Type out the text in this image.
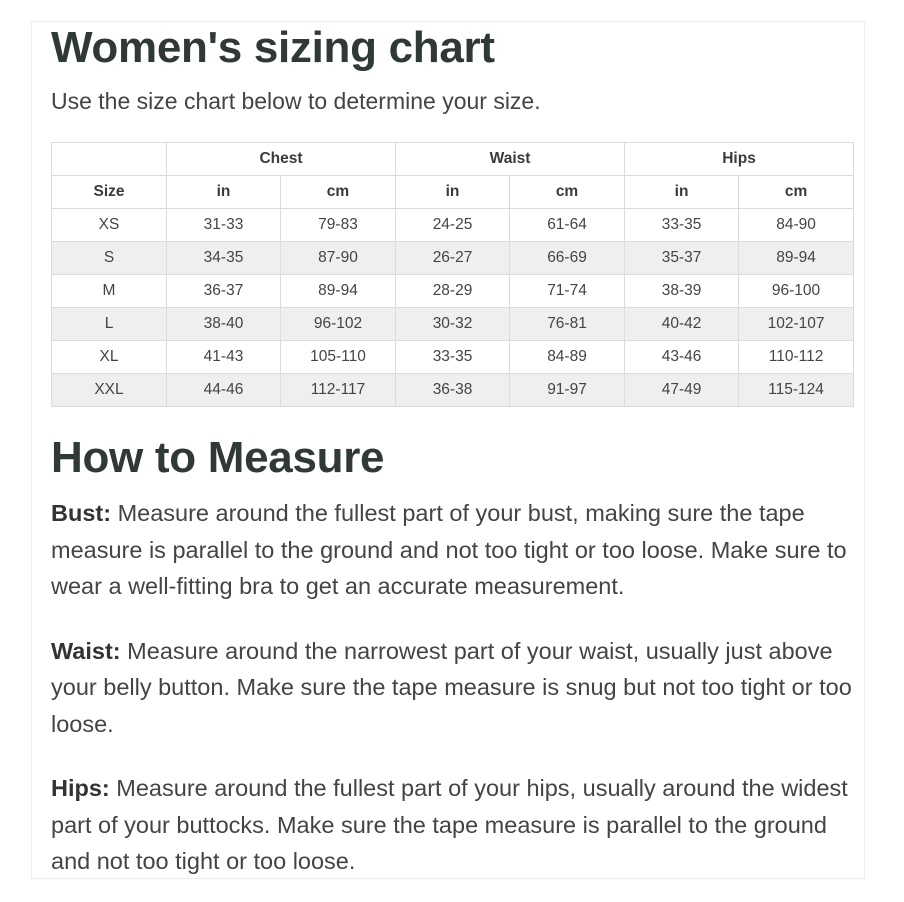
Women's sizing chart

Use the size chart below to determine your size.

	Chest		Waist		Hips	
Size	in	cm	in	cm	in	cm
XS	31-33	79-83	24-25	61-64	33-35	84-90
S	34-35	87-90	26-27	66-69	35-37	89-94
M	36-37	89-94	28-29	71-74	38-39	96-100
L	38-40	96-102	30-32	76-81	40-42	102-107
XL	41-43	105-110	33-35	84-89	43-46	110-112
XXL	44-46	112-117	36-38	91-97	47-49	115-124
How to Measure

Bust: Measure around the fullest part of your bust, making sure the tape measure is parallel to the ground and not too tight or too loose. Make sure to wear a well-fitting bra to get an accurate measurement.

Waist: Measure around the narrowest part of your waist, usually just above your belly button. Make sure the tape measure is snug but not too tight or too loose.

Hips: Measure around the fullest part of your hips, usually around the widest part of your buttocks. Make sure the tape measure is parallel to the ground and not too tight or too loose.
